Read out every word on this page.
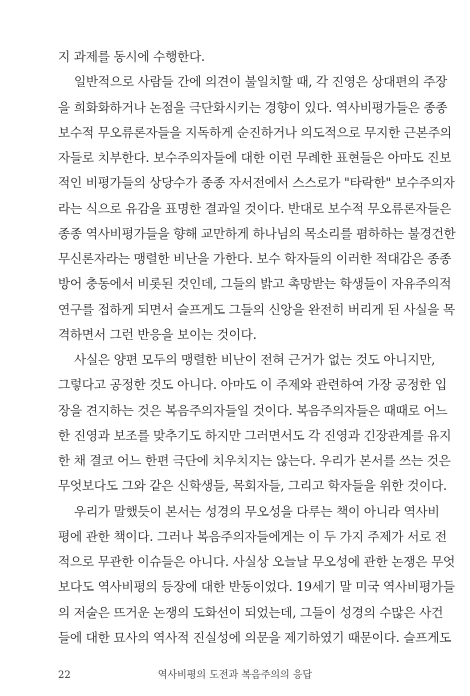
지 과제를 동시에 수행한다.
일반적으로 사람들 간에 의견이 불일치할 때, 각 진영은 상대편의 주장
을 희화화하거나 논점을 극단화시키는 경향이 있다. 역사비평가들은 종종
보수적 무오류론자들을 지독하게 순진하거나 의도적으로 무지한 근본주의
자들로 치부한다. 보수주의자들에 대한 이런 무례한 표현들은 아마도 진보
적인 비평가들의 상당수가 종종 자서전에서 스스로가 "타락한" 보수주의자
라는 식으로 유감을 표명한 결과일 것이다. 반대로 보수적 무오류론자들은
종종 역사비평가들을 향해 교만하게 하나님의 목소리를 폄하하는 불경건한
무신론자라는 맹렬한 비난을 가한다. 보수 학자들의 이러한 적대감은 종종
방어 충동에서 비롯된 것인데, 그들의 밝고 촉망받는 학생들이 자유주의적
연구를 접하게 되면서 슬프게도 그들의 신앙을 완전히 버리게 된 사실을 목
격하면서 그런 반응을 보이는 것이다.
사실은 양편 모두의 맹렬한 비난이 전혀 근거가 없는 것도 아니지만,
그렇다고 공정한 것도 아니다. 아마도 이 주제와 관련하여 가장 공정한 입
장을 견지하는 것은 복음주의자들일 것이다. 복음주의자들은 때때로 어느
한 진영과 보조를 맞추기도 하지만 그러면서도 각 진영과 긴장관계를 유지
한 채 결코 어느 한편 극단에 치우치지는 않는다. 우리가 본서를 쓰는 것은
무엇보다도 그와 같은 신학생들, 목회자들, 그리고 학자들을 위한 것이다.
우리가 말했듯이 본서는 성경의 무오성을 다루는 책이 아니라 역사비
평에 관한 책이다. 그러나 복음주의자들에게는 이 두 가지 주제가 서로 전
적으로 무관한 이슈들은 아니다. 사실상 오늘날 무오성에 관한 논쟁은 무엇
보다도 역사비평의 등장에 대한 반동이었다. 19세기 말 미국 역사비평가들
의 저술은 뜨거운 논쟁의 도화선이 되었는데, 그들이 성경의 수많은 사건
들에 대한 묘사의 역사적 진실성에 의문을 제기하였기 때문이다. 슬프게도
역사비평의 도전과 복음주의의 응답
22
